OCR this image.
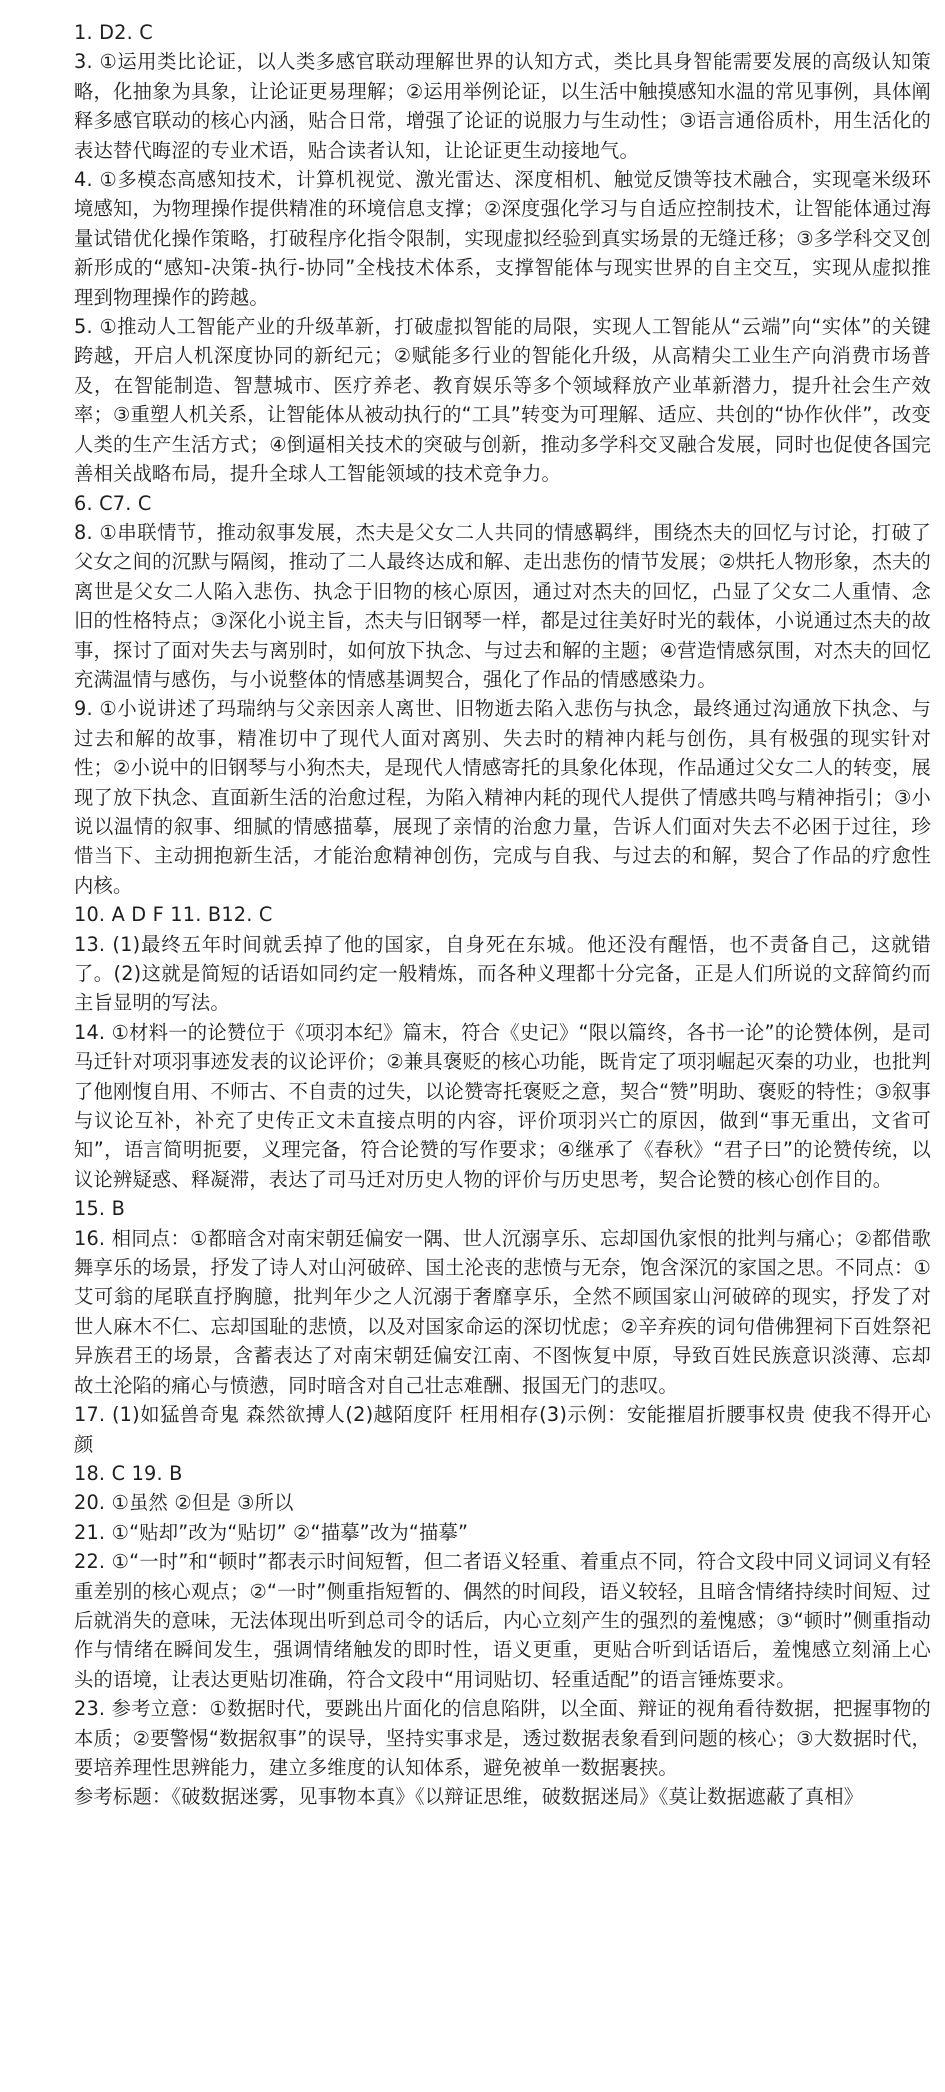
1. D2. C

3. ①运用类比论证，以人类多感官联动理解世界的认知方式，类比具身智能需要发展的高级认知策略，化抽象为具象，让论证更易理解；②运用举例论证，以生活中触摸感知水温的常见事例，具体阐释多感官联动的核心内涵，贴合日常，增强了论证的说服力与生动性；③语言通俗质朴，用生活化的表达替代晦涩的专业术语，贴合读者认知，让论证更生动接地气。

4. ①多模态高感知技术，计算机视觉、激光雷达、深度相机、触觉反馈等技术融合，实现毫米级环境感知，为物理操作提供精准的环境信息支撑；②深度强化学习与自适应控制技术，让智能体通过海量试错优化操作策略，打破程序化指令限制，实现虚拟经验到真实场景的无缝迁移；③多学科交叉创新形成的“感知-决策-执行-协同”全栈技术体系，支撑智能体与现实世界的自主交互，实现从虚拟推理到物理操作的跨越。

5. ①推动人工智能产业的升级革新，打破虚拟智能的局限，实现人工智能从“云端”向“实体”的关键跨越，开启人机深度协同的新纪元；②赋能多行业的智能化升级，从高精尖工业生产向消费市场普及，在智能制造、智慧城市、医疗养老、教育娱乐等多个领域释放产业革新潜力，提升社会生产效率；③重塑人机关系，让智能体从被动执行的“工具”转变为可理解、适应、共创的“协作伙伴”，改变人类的生产生活方式；④倒逼相关技术的突破与创新，推动多学科交叉融合发展，同时也促使各国完善相关战略布局，提升全球人工智能领域的技术竞争力。

6. C7. C

8. ①串联情节，推动叙事发展，杰夫是父女二人共同的情感羁绊，围绕杰夫的回忆与讨论，打破了父女之间的沉默与隔阂，推动了二人最终达成和解、走出悲伤的情节发展；②烘托人物形象，杰夫的离世是父女二人陷入悲伤、执念于旧物的核心原因，通过对杰夫的回忆，凸显了父女二人重情、念旧的性格特点；③深化小说主旨，杰夫与旧钢琴一样，都是过往美好时光的载体，小说通过杰夫的故事，探讨了面对失去与离别时，如何放下执念、与过去和解的主题；④营造情感氛围，对杰夫的回忆充满温情与感伤，与小说整体的情感基调契合，强化了作品的情感感染力。

9. ①小说讲述了玛瑞纳与父亲因亲人离世、旧物逝去陷入悲伤与执念，最终通过沟通放下执念、与过去和解的故事，精准切中了现代人面对离别、失去时的精神内耗与创伤，具有极强的现实针对性；②小说中的旧钢琴与小狗杰夫，是现代人情感寄托的具象化体现，作品通过父女二人的转变，展现了放下执念、直面新生活的治愈过程，为陷入精神内耗的现代人提供了情感共鸣与精神指引；③小说以温情的叙事、细腻的情感描摹，展现了亲情的治愈力量，告诉人们面对失去不必困于过往，珍惜当下、主动拥抱新生活，才能治愈精神创伤，完成与自我、与过去的和解，契合了作品的疗愈性内核。

10. A D F 11. B12. C

13. (1)最终五年时间就丢掉了他的国家，自身死在东城。他还没有醒悟，也不责备自己，这就错了。(2)这就是简短的话语如同约定一般精炼，而各种义理都十分完备，正是人们所说的文辞简约而主旨显明的写法。

14. ①材料一的论赞位于《项羽本纪》篇末，符合《史记》“限以篇终，各书一论”的论赞体例，是司马迁针对项羽事迹发表的议论评价；②兼具褒贬的核心功能，既肯定了项羽崛起灭秦的功业，也批判了他刚愎自用、不师古、不自责的过失，以论赞寄托褒贬之意，契合“赞”明助、褒贬的特性；③叙事与议论互补，补充了史传正文未直接点明的内容，评价项羽兴亡的原因，做到“事无重出，文省可知”，语言简明扼要，义理完备，符合论赞的写作要求；④继承了《春秋》“君子曰”的论赞传统，以议论辨疑惑、释凝滞，表达了司马迁对历史人物的评价与历史思考，契合论赞的核心创作目的。

15. B

16. 相同点：①都暗含对南宋朝廷偏安一隅、世人沉溺享乐、忘却国仇家恨的批判与痛心；②都借歌舞享乐的场景，抒发了诗人对山河破碎、国土沦丧的悲愤与无奈，饱含深沉的家国之思。不同点：①艾可翁的尾联直抒胸臆，批判年少之人沉溺于奢靡享乐，全然不顾国家山河破碎的现实，抒发了对世人麻木不仁、忘却国耻的悲愤，以及对国家命运的深切忧虑；②辛弃疾的词句借佛狸祠下百姓祭祀异族君王的场景，含蓄表达了对南宋朝廷偏安江南、不图恢复中原，导致百姓民族意识淡薄、忘却故土沦陷的痛心与愤懑，同时暗含对自己壮志难酬、报国无门的悲叹。

17. (1)如猛兽奇鬼 森然欲搏人(2)越陌度阡 枉用相存(3)示例：安能摧眉折腰事权贵 使我不得开心颜

18. C 19. B

20. ①虽然 ②但是 ③所以

21. ①“贴却”改为“贴切” ②“描摹”改为“描摹”

22. ①“一时”和“顿时”都表示时间短暂，但二者语义轻重、着重点不同，符合文段中同义词词义有轻重差别的核心观点；②“一时”侧重指短暂的、偶然的时间段，语义较轻，且暗含情绪持续时间短、过后就消失的意味，无法体现出听到总司令的话后，内心立刻产生的强烈的羞愧感；③“顿时”侧重指动作与情绪在瞬间发生，强调情绪触发的即时性，语义更重，更贴合听到话语后，羞愧感立刻涌上心头的语境，让表达更贴切准确，符合文段中“用词贴切、轻重适配”的语言锤炼要求。

23. 参考立意：①数据时代，要跳出片面化的信息陷阱，以全面、辩证的视角看待数据，把握事物的本质；②要警惕“数据叙事”的误导，坚持实事求是，透过数据表象看到问题的核心；③大数据时代，要培养理性思辨能力，建立多维度的认知体系，避免被单一数据裹挟。

参考标题：《破数据迷雾，见事物本真》《以辩证思维，破数据迷局》《莫让数据遮蔽了真相》
